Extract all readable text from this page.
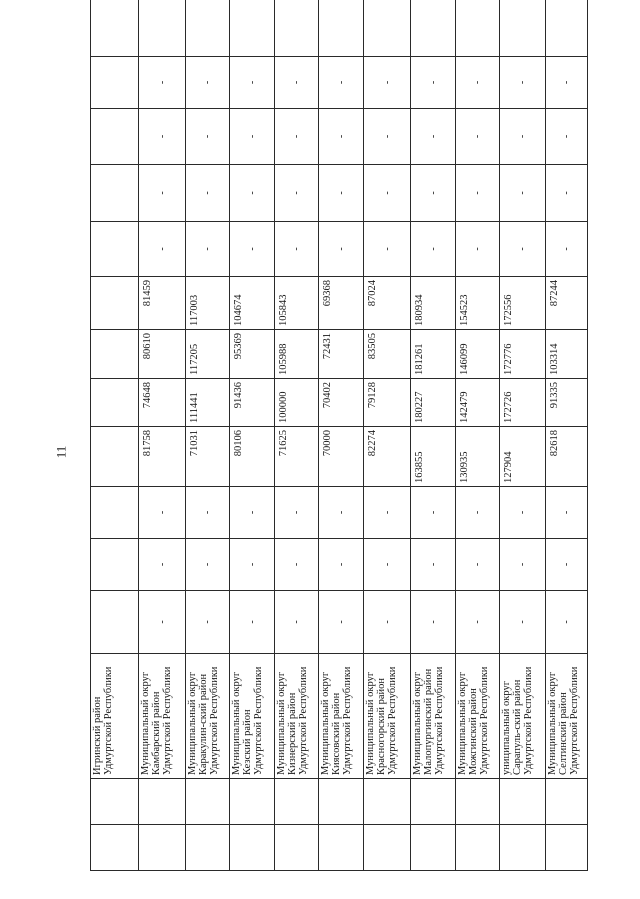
11

		Игринский район Удмуртской Республики												

		Муниципальный округ Камбарский район Удмуртской Республики	-	-	-	81758	74648	80610	81459	-	-	-	-	

		Муниципальный округ Каракулин-ский район Удмуртской Республики	-	-	-	71031	111441	117205	117003	-	-	-	-	

		Муниципальный округ Кезский район Удмуртской Республики	-	-	-	80106	91436	95369	104674	-	-	-	-	

		Муниципальный округ Кизнерский район Удмуртской Республики	-	-	-	71625	100000	105988	105843	-	-	-	-	

		Муниципальный округ Киясовский район Удмуртской Республики	-	-	-	70000	70402	72431	69368	-	-	-	-	

		Муниципальный округ Красногорский район Удмуртской Республики	-	-	-	82274	79128	83505	87024	-	-	-	-	

		Муниципальный округ Малопургинский район Удмуртской Республики	-	-	-	163855	180227	181261	180934	-	-	-	-	

		Муниципальный округ Можгинский район Удмуртской Республики	-	-	-	130935	142479	146099	154523	-	-	-	-	

		униципальный округ Сарапуль-ский район Удмуртской Республики	-	-	-	127904	172726	172776	172556	-	-	-	-	

		Муниципальный округ Селтинский район Удмуртской Республики	-	-	-	82618	91335	103314	87244	-	-	-	-	
